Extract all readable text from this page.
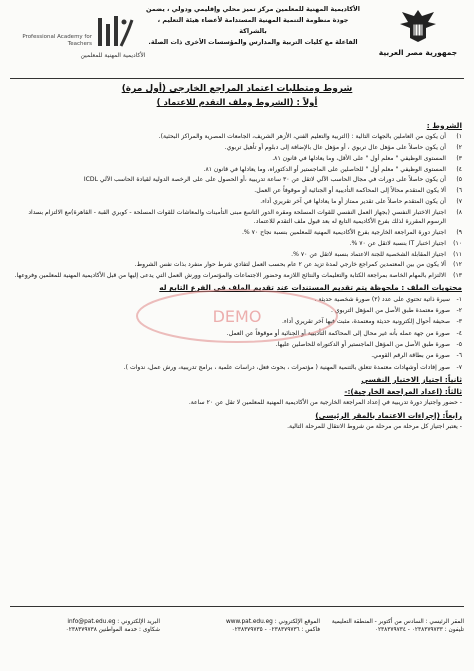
الأكاديمية المهنية للمعلمين
Professional Academy for Teachers
الأكاديمية المهنية للمعلمين مركز تميز محلي وإقليمي ودولي ، يضمن
جودة منظومة التنمية المهنية المستدامة لأعضاء هيئة التعليم ، بالشراكة
الفاعلة مع كليات التربية والمدارس والمؤسسات الأخرى ذات الصلة.
جمهورية مصر العربية
شروط ومتطلبات اعتماد المراجع الخارجي (أول مرة)
أولاً : (الشروط وملف التقدم للاعتماد )
الشروط :
١)
أن يكون من العاملين بالجهات التالية : (التربية والتعليم الفني، الأزهر الشريف، الجامعات المصرية والمراكز البحثية).
٢)
أن يكون حاصلاً على مؤهل عال تربوي ، أو مؤهل عال بالإضافة إلى دبلوم أو تأهيل تربوي.
٣)
المستوى الوظيفي " معلم أول " على الأقل، وما يعادلها في قانون ٨١.
٤)
المستوى الوظيفي " معلم أول " للحاصلين على الماجستير أو الدكتوراه، وما يعادلها في قانون ٨١.
٥)
أن يكون حاصلاً على دورات في مجال الحاسب الآلي لاتقل عن ٣٠ ساعة تدريبية ،أو الحصول على على الرخصة الدولية لقيادة الحاسب الآلي ICDL
٦)
ألا يكون المتقدم محالاً إلى المحاكمة التأديبية أو الجنائية أو موقوفاً عن العمل.
٧)
أن يكون المتقدم حاصلاً على تقدير ممتاز أو ما يعادلها في آخر تقريري أداء.
٨)
اجتياز الاختبار النفسي (بجهاز العمل النفسي للقوات المسلحة ومقره الدور التاسع مبنى التأمينات والمعاشات للقوات المسلحة - كوبري القبة - القاهرة)مع الالتزام بسداد الرسوم المقررة لذلك بفرع الأكاديمية التابع له بعد قبول ملف التقدم للاعتماد.
٩)
اجتياز دورة المراجعة الخارجية بفرع الأكاديمية المهنية للمعلمين بنسبة نجاح ٧٠ %.
١٠)
اجتياز اختبار IT بنسبة لاتقل عن ٧٠ %.
١١)
اجتياز المقابلة الشخصية للجنة الاعتماد بنسبة لاتقل عن ٧٠ %.
١٢)
ألا يكون من بين المعتمدين كمراجع خارجي لمدة تزيد عن ٢ عام بحسب العمل لتفادي شرط حوار منفرد بذات نفس الشروط.
١٣)
الالتزام بالمهام الخاصة بمراجعة الكتابة والتعليمات والنتائج اللازمة وحضور الاجتماعات والمؤتمرات وورش العمل التي يدعى إليها من قبل الأكاديمية المهنية للمعلمين وفروعها.
محتويات الملف : ملحوظة يتم تقديم المستندات عند تقديم الملف في الفرع التابع له
١-
سيرة ذاتية تحتوي على عدد (٢) صورة شخصية حديثة .
٢-
صورة معتمدة طبق الأصل من المؤهل التربوي .
٣-
صحيفة أحوال إلكترونية حديثة ومعتمدة، مثبت فيها آخر تقريري أداء.
٤-
صورة من جهة عمله بأنه غير محال إلى المحاكمة التأديبية أو الجنائية أو موقوفاً عن العمل.
٥-
صورة طبق الأصل من المؤهل الماجستير أو الدكتوراه للحاصلين عليها.
٦-
صورة من بطاقة الرقم القومي.
٧-
صور إفادات أوشهادات معتمدة تتعلق بالتنمية المهنية ( مؤتمرات ، بحوث فعل، دراسات علمية ، برامج تدريبية، ورش عمل، ندوات ).
ثانياً: اجتياز الاختبار النفسي
ثالثاً: (اعداد المراجعة الخارجية):-
- حضور واجتياز دورة تدريبية في إعداد المراجعة الخارجية من الأكاديمية المهنية للمعلمين لا تقل عن ٢٠ ساعة.
رابعاً: (إجراءات الاعتماد بالمقر الرئيسي)
- يعتبر اجتياز كل مرحلة من مرحلة من شروط الانتقال للمرحلة التالية.
DEMO
المقر الرئيسي : السادس من أكتوبر - المنطقة التعليمية
تليفون : ٠٢٣٨٣٧٩٧٣٣ - ٠٢٣٨٣٧٩٧٣٤
الموقع الإلكتروني : www.pat.edu.eg
فاكس : ٠٢٣٨٣٧٩٧٣٦ - ٠٢٣٨٣٧٩٧٣٥
البريد الإلكتروني : info@pat.edu.eg
شكاوى : خدمة المواطنين ٠٢٣٨٣٧٩٧٣٨
